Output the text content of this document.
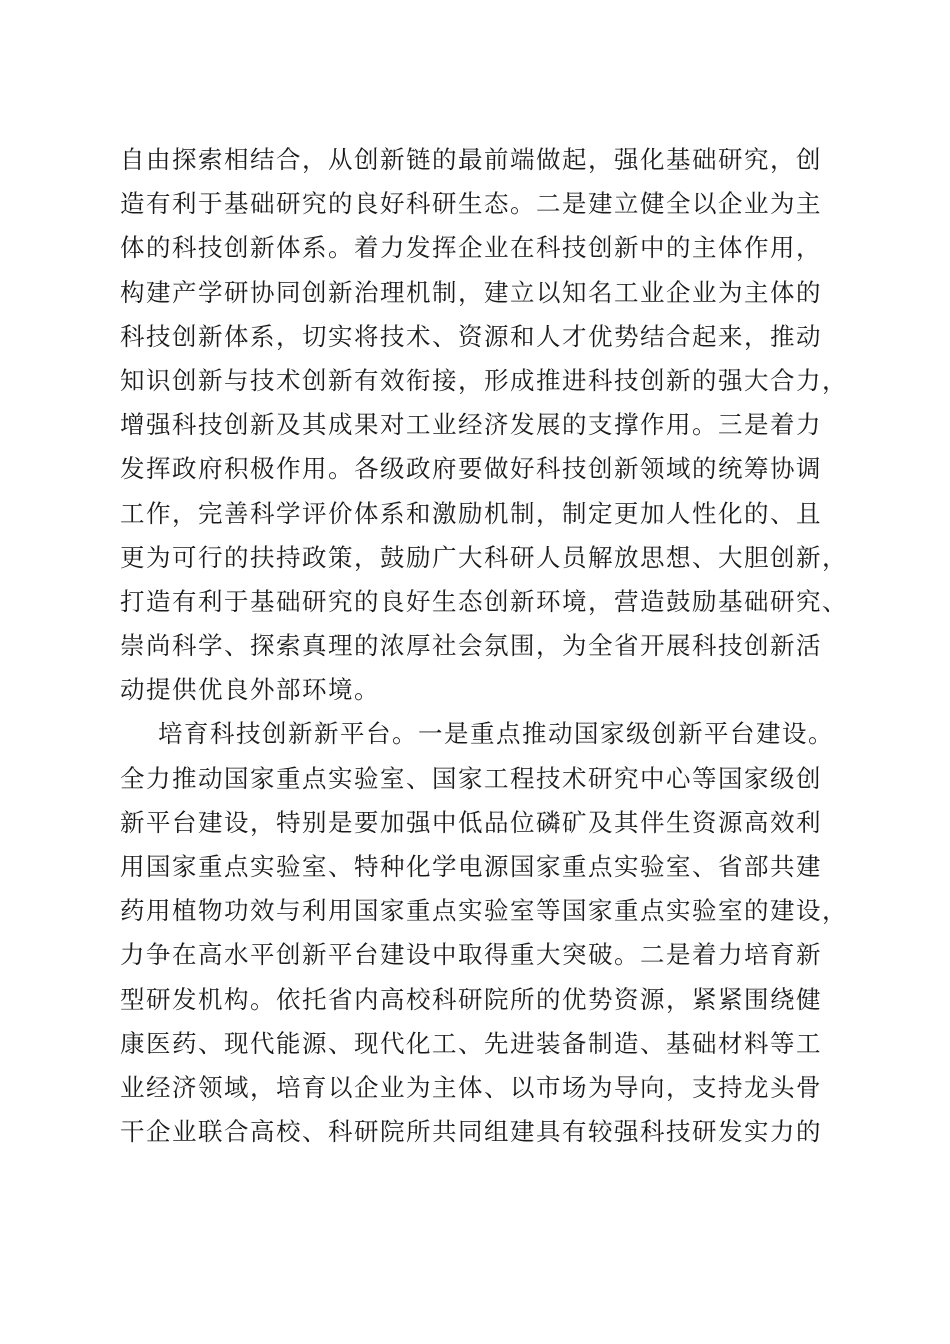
自由探索相结合，从创新链的最前端做起，强化基础研究，创
造有利于基础研究的良好科研生态。二是建立健全以企业为主
体的科技创新体系。着力发挥企业在科技创新中的主体作用，
构建产学研协同创新治理机制，建立以知名工业企业为主体的
科技创新体系，切实将技术、资源和人才优势结合起来，推动
知识创新与技术创新有效衔接，形成推进科技创新的强大合力，
增强科技创新及其成果对工业经济发展的支撑作用。三是着力
发挥政府积极作用。各级政府要做好科技创新领域的统筹协调
工作，完善科学评价体系和激励机制，制定更加人性化的、且
更为可行的扶持政策，鼓励广大科研人员解放思想、大胆创新，
打造有利于基础研究的良好生态创新环境，营造鼓励基础研究、
崇尚科学、探索真理的浓厚社会氛围，为全省开展科技创新活
动提供优良外部环境。
培育科技创新新平台。一是重点推动国家级创新平台建设。
全力推动国家重点实验室、国家工程技术研究中心等国家级创
新平台建设，特别是要加强中低品位磷矿及其伴生资源高效利
用国家重点实验室、特种化学电源国家重点实验室、省部共建
药用植物功效与利用国家重点实验室等国家重点实验室的建设，
力争在高水平创新平台建设中取得重大突破。二是着力培育新
型研发机构。依托省内高校科研院所的优势资源，紧紧围绕健
康医药、现代能源、现代化工、先进装备制造、基础材料等工
业经济领域，培育以企业为主体、以市场为导向，支持龙头骨
干企业联合高校、科研院所共同组建具有较强科技研发实力的
